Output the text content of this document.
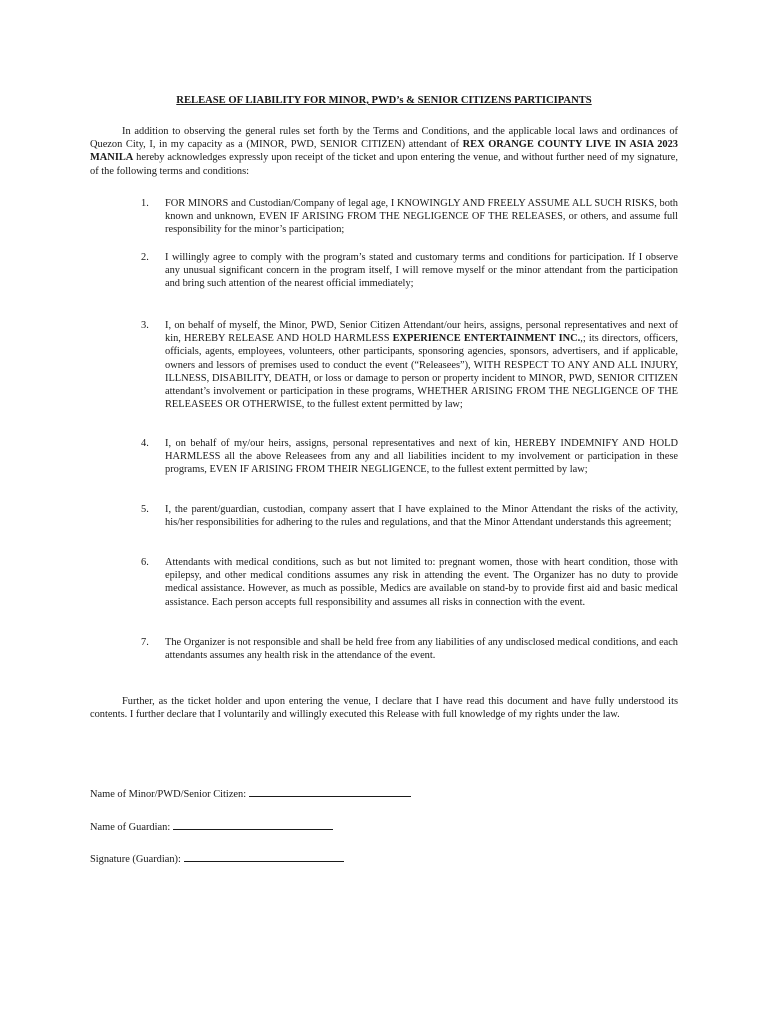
RELEASE OF LIABILITY FOR MINOR, PWD’s & SENIOR CITIZENS PARTICIPANTS

In addition to observing the general rules set forth by the Terms and Conditions, and the applicable local laws and ordinances of Quezon City, I, in my capacity as a (MINOR, PWD, SENIOR CITIZEN) attendant of REX ORANGE COUNTY LIVE IN ASIA 2023 MANILA hereby acknowledges expressly upon receipt of the ticket and upon entering the venue, and without further need of my signature, of the following terms and conditions:

1. FOR MINORS and Custodian/Company of legal age, I KNOWINGLY AND FREELY ASSUME ALL SUCH RISKS, both known and unknown, EVEN IF ARISING FROM THE NEGLIGENCE OF THE RELEASES, or others, and assume full responsibility for the minor’s participation;

2. I willingly agree to comply with the program’s stated and customary terms and conditions for participation. If I observe any unusual significant concern in the program itself, I will remove myself or the minor attendant from the participation and bring such attention of the nearest official immediately;

3. I, on behalf of myself, the Minor, PWD, Senior Citizen Attendant/our heirs, assigns, personal representatives and next of kin, HEREBY RELEASE AND HOLD HARMLESS EXPERIENCE ENTERTAINMENT INC.,; its directors, officers, officials, agents, employees, volunteers, other participants, sponsoring agencies, sponsors, advertisers, and if applicable, owners and lessors of premises used to conduct the event (“Releasees”), WITH RESPECT TO ANY AND ALL INJURY, ILLNESS, DISABILITY, DEATH, or loss or damage to person or property incident to MINOR, PWD, SENIOR CITIZEN attendant’s involvement or participation in these programs, WHETHER ARISING FROM THE NEGLIGENCE OF THE RELEASEES OR OTHERWISE, to the fullest extent permitted by law;

4. I, on behalf of my/our heirs, assigns, personal representatives and next of kin, HEREBY INDEMNIFY AND HOLD HARMLESS all the above Releasees from any and all liabilities incident to my involvement or participation in these programs, EVEN IF ARISING FROM THEIR NEGLIGENCE, to the fullest extent permitted by law;

5. I, the parent/guardian, custodian, company assert that I have explained to the Minor Attendant the risks of the activity, his/her responsibilities for adhering to the rules and regulations, and that the Minor Attendant understands this agreement;

6. Attendants with medical conditions, such as but not limited to: pregnant women, those with heart condition, those with epilepsy, and other medical conditions assumes any risk in attending the event. The Organizer has no duty to provide medical assistance. However, as much as possible, Medics are available on stand-by to provide first aid and basic medical assistance. Each person accepts full responsibility and assumes all risks in connection with the event.

7. The Organizer is not responsible and shall be held free from any liabilities of any undisclosed medical conditions, and each attendants assumes any health risk in the attendance of the event.

Further, as the ticket holder and upon entering the venue, I declare that I have read this document and have fully understood its contents. I further declare that I voluntarily and willingly executed this Release with full knowledge of my rights under the law.

Name of Minor/PWD/Senior Citizen:
Name of Guardian:
Signature (Guardian):
